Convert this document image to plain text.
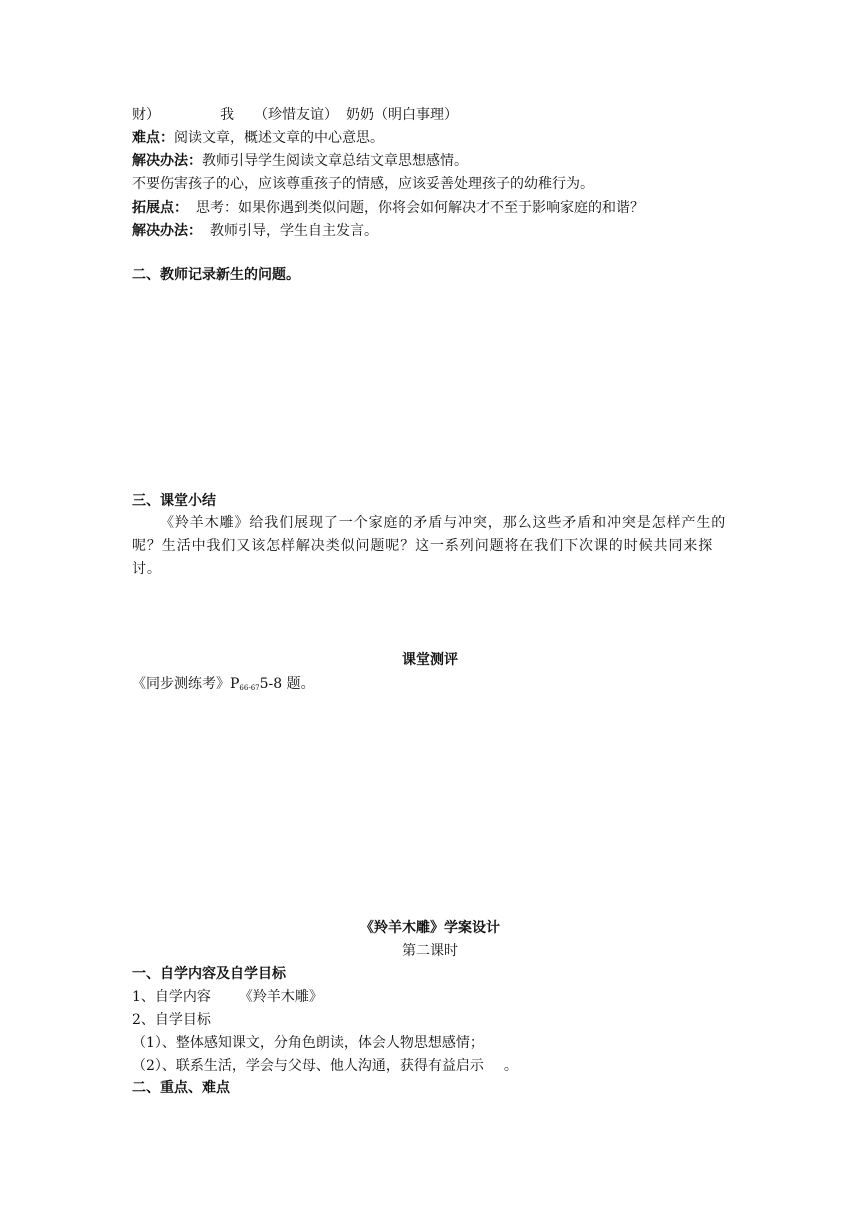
财）	我 （珍惜友谊） 奶奶（明白事理）
难点：阅读文章，概述文章的中心意思。
解决办法：教师引导学生阅读文章总结文章思想感情。
不要伤害孩子的心，应该尊重孩子的情感，应该妥善处理孩子的幼稚行为。
拓展点： 思考：如果你遇到类似问题，你将会如何解决才不至于影响家庭的和谐？
解决办法： 教师引导，学生自主发言。
二、教师记录新生的问题。
三、课堂小结
《羚羊木雕》给我们展现了一个家庭的矛盾与冲突，那么这些矛盾和冲突是怎样产生的呢？生活中我们又该怎样解决类似问题呢？这一系列问题将在我们下次课的时候共同来探讨。
课堂测评
《同步测练考》$P_{66-67}5-8$ 题。
《羚羊木雕》学案设计
第二课时
一、自学内容及自学目标
1、自学内容 《羚羊木雕》
2、自学目标
（1）、整体感知课文，分角色朗读，体会人物思想感情；
（2）、联系生活，学会与父母、他人沟通，获得有益启示 。
二、重点、难点
